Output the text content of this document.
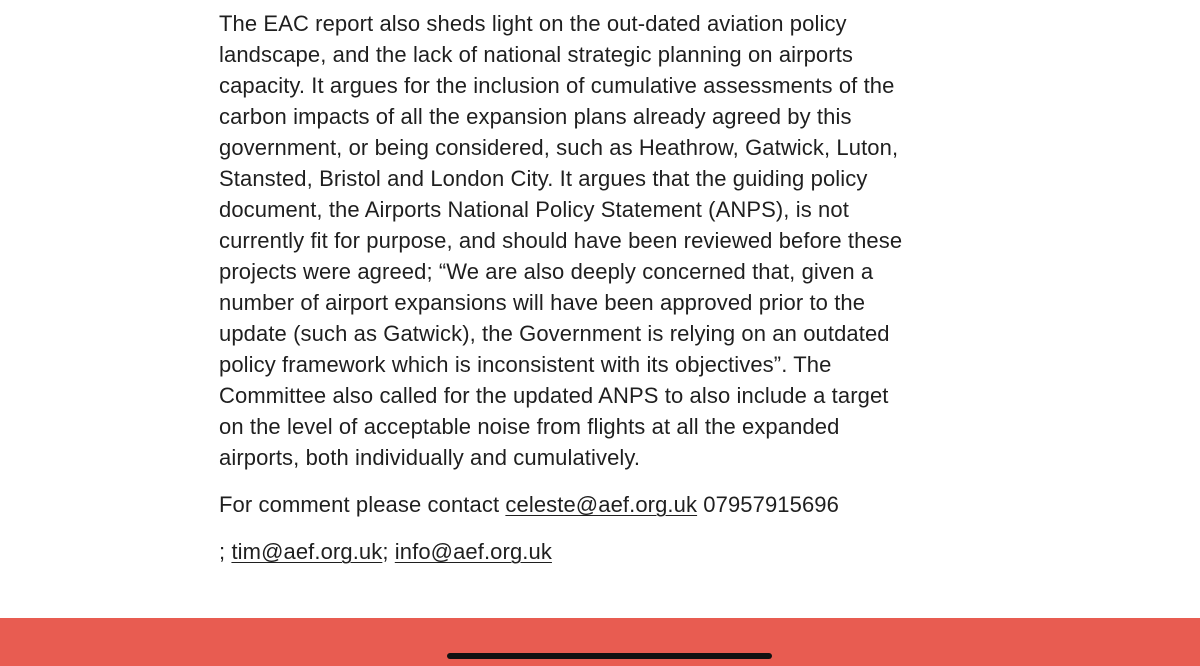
The EAC report also sheds light on the out-dated aviation policy landscape, and the lack of national strategic planning on airports capacity. It argues for the inclusion of cumulative assessments of the carbon impacts of all the expansion plans already agreed by this government, or being considered, such as Heathrow, Gatwick, Luton, Stansted, Bristol and London City. It argues that the guiding policy document, the Airports National Policy Statement (ANPS), is not currently fit for purpose, and should have been reviewed before these projects were agreed; “We are also deeply concerned that, given a number of airport expansions will have been approved prior to the update (such as Gatwick), the Government is relying on an outdated policy framework which is inconsistent with its objectives”. The Committee also called for the updated ANPS to also include a target on the level of acceptable noise from flights at all the expanded airports, both individually and cumulatively.

For comment please contact celeste@aef.org.uk 07957915696

; tim@aef.org.uk; info@aef.org.uk
